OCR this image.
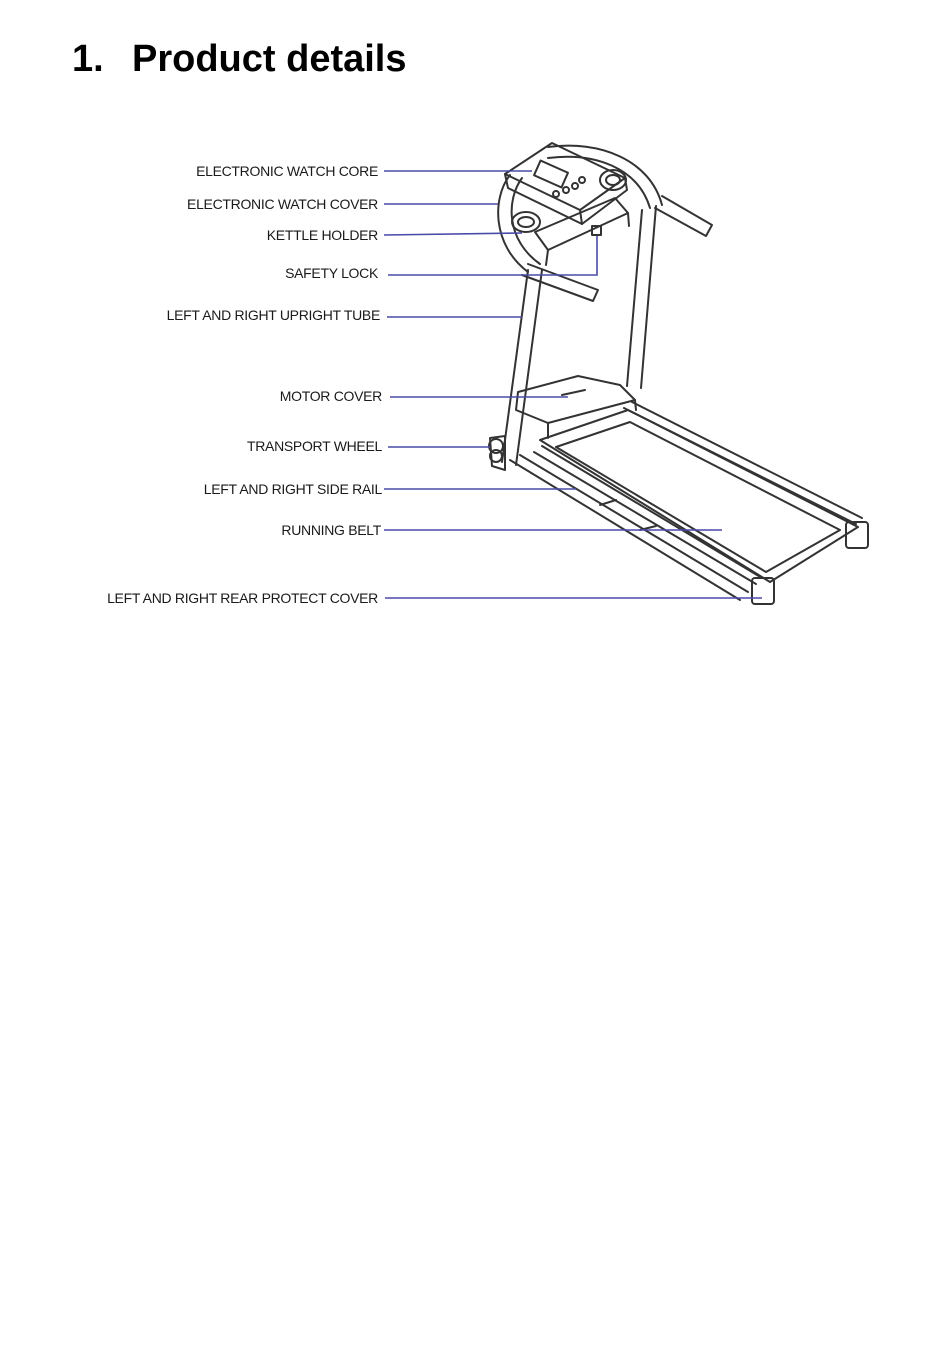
1. Product details
ELECTRONIC WATCH CORE
ELECTRONIC WATCH COVER
KETTLE HOLDER
SAFETY LOCK
LEFT AND RIGHT UPRIGHT TUBE
MOTOR COVER
TRANSPORT WHEEL
LEFT AND RIGHT SIDE RAIL
RUNNING BELT
LEFT AND RIGHT REAR PROTECT COVER
